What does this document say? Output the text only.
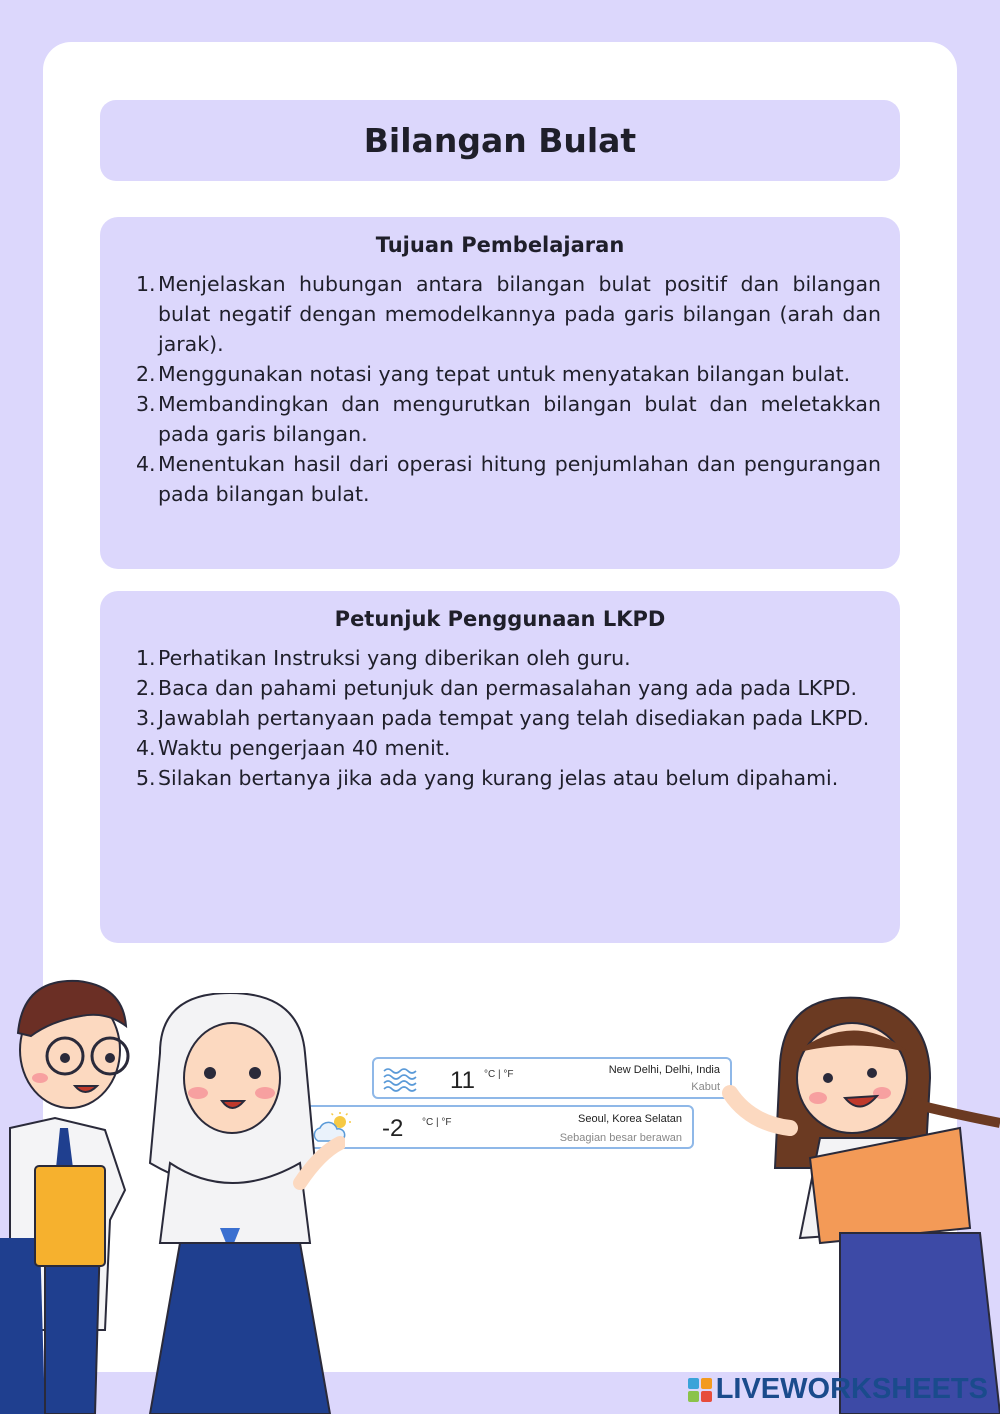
Bilangan Bulat
Tujuan Pembelajaran
1. Menjelaskan hubungan antara bilangan bulat positif dan bilangan bulat negatif dengan memodelkannya pada garis bilangan (arah dan jarak).
2. Menggunakan notasi yang tepat untuk menyatakan bilangan bulat.
3. Membandingkan dan mengurutkan bilangan bulat dan meletakkan pada garis bilangan.
4. Menentukan hasil dari operasi hitung penjumlahan dan pengurangan pada bilangan bulat.
Petunjuk Penggunaan LKPD
1. Perhatikan Instruksi yang diberikan oleh guru.
2. Baca dan pahami petunjuk dan permasalahan yang ada pada LKPD.
3. Jawablah pertanyaan pada tempat yang telah disediakan pada LKPD.
4. Waktu pengerjaan 40 menit.
5. Silakan bertanya jika ada yang kurang jelas atau belum dipahami.
11 °C | °F	New Delhi, Delhi, India
Kabut
-2 °C | °F	Seoul, Korea Selatan
Sebagian besar berawan
LIVEWORKSHEETS
